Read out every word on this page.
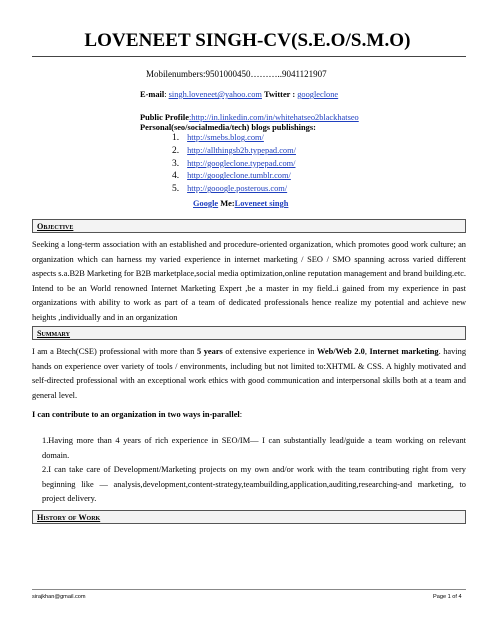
LOVENEET SINGH-CV(S.E.O/S.M.O)
Mobilenumbers:9501000450………..9041121907
E-mail: singh.loveneet@yahoo.com Twitter : googleclone
Public Profile:http://in.linkedin.com/in/whitehatseo2blackhatseo
Personal(seo/socialmedia/tech) blogs publishings:
1. http://smebs.blog.com/
2. http://allthingsb2b.typepad.com/
3. http://googleclone.typepad.com/
4. http://googleclone.tumblr.com/
5. http://gooogle.posterous.com/
Google Me:Loveneet singh
Objective
Seeking a long-term association with an established and procedure-oriented organization, which promotes good work culture; an organization which can harness my varied experience in internet marketing / SEO / SMO spanning across varied different aspects s.a.B2B Marketing for B2B marketplace,social media optimization,online reputation management and brand building.etc. Intend to be an World renowned Internet Marketing Expert ,be a master in my field..i gained from my experience in past organizations with ability to work as part of a team of dedicated professionals hence realize my potential and achieve new heights ,individually and in an organization
Summary
I am a Btech(CSE) professional with more than 5 years of extensive experience in Web/Web 2.0, Internet marketing. having hands on experience over variety of tools / environments, including but not limited to:XHTML & CSS. A highly motivated and self-directed professional with an exceptional work ethics with good communication and interpersonal skills both at a team and general level.
I can contribute to an organization in two ways in-parallel:
1.Having more than 4 years of rich experience in SEO/IM— I can substantially lead/guide a team working on relevant domain.
2.I can take care of Development/Marketing projects on my own and/or work with the team contributing right from very beginning like — analysis,development,content-strategy,teambuilding,application,auditing,researching-and marketing, to project delivery.
History of Work
sirajkhan@gmail.com	Page 1 of 4
